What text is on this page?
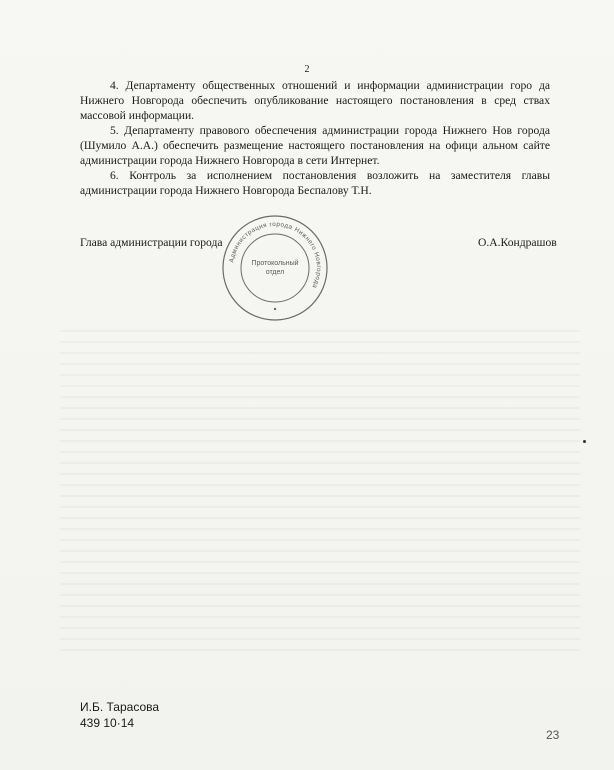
2
4. Департаменту общественных отношений и информации администрации горо да Нижнего Новгорода обеспечить опубликование настоящего постановления в сред ствах массовой информации.
5. Департаменту правового обеспечения администрации города Нижнего Нов города (Шумило А.А.) обеспечить размещение настоящего постановления на офици альном сайте администрации города Нижнего Новгорода в сети Интернет.
6. Контроль за исполнением постановления возложить на заместителя главы администрации города Нижнего Новгорода Беспалову Т.Н.
Глава администрации города	О.А.Кондрашов
Администрация города Нижнего Новгорода
Протокольный
отдел
И.Б. Тарасова
439 10·14
23
